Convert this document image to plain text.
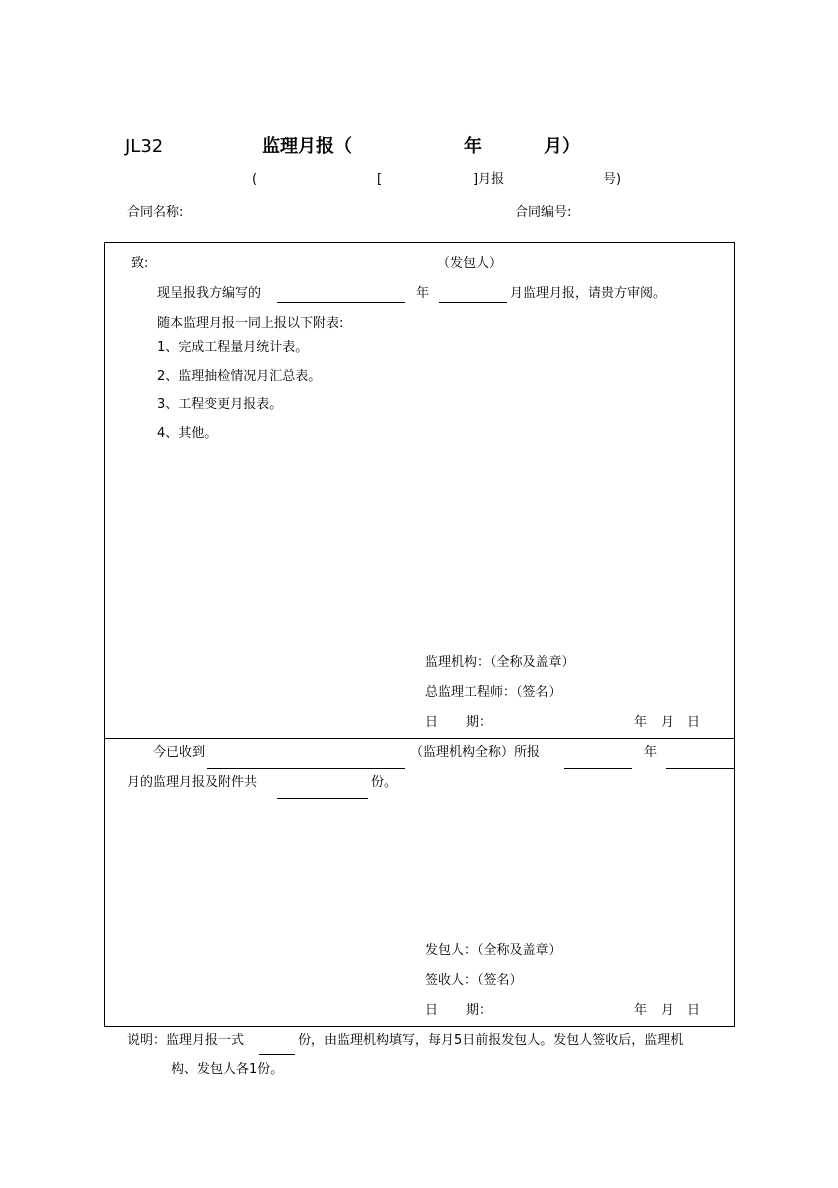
JL32	监理月报（	年	月）
(	[	]月报	号)
合同名称:	合同编号:
致:	（发包人）
现呈报我方编写的	年	月监理月报，请贵方审阅。
随本监理月报一同上报以下附表:
1、完成工程量月统计表。
2、监理抽检情况月汇总表。
3、工程变更月报表。
4、其他。
监理机构：（全称及盖章）
总监理工程师：（签名）
日 期：	年 月 日
今已收到	（监理机构全称）所报	年
月的监理月报及附件共	份。
发包人：（全称及盖章）
签收人：（签名）
日 期：	年 月 日
说明：监理月报一式	份，由监理机构填写，每月5日前报发包人。发包人签收后，监理机
构、发包人各1份。
